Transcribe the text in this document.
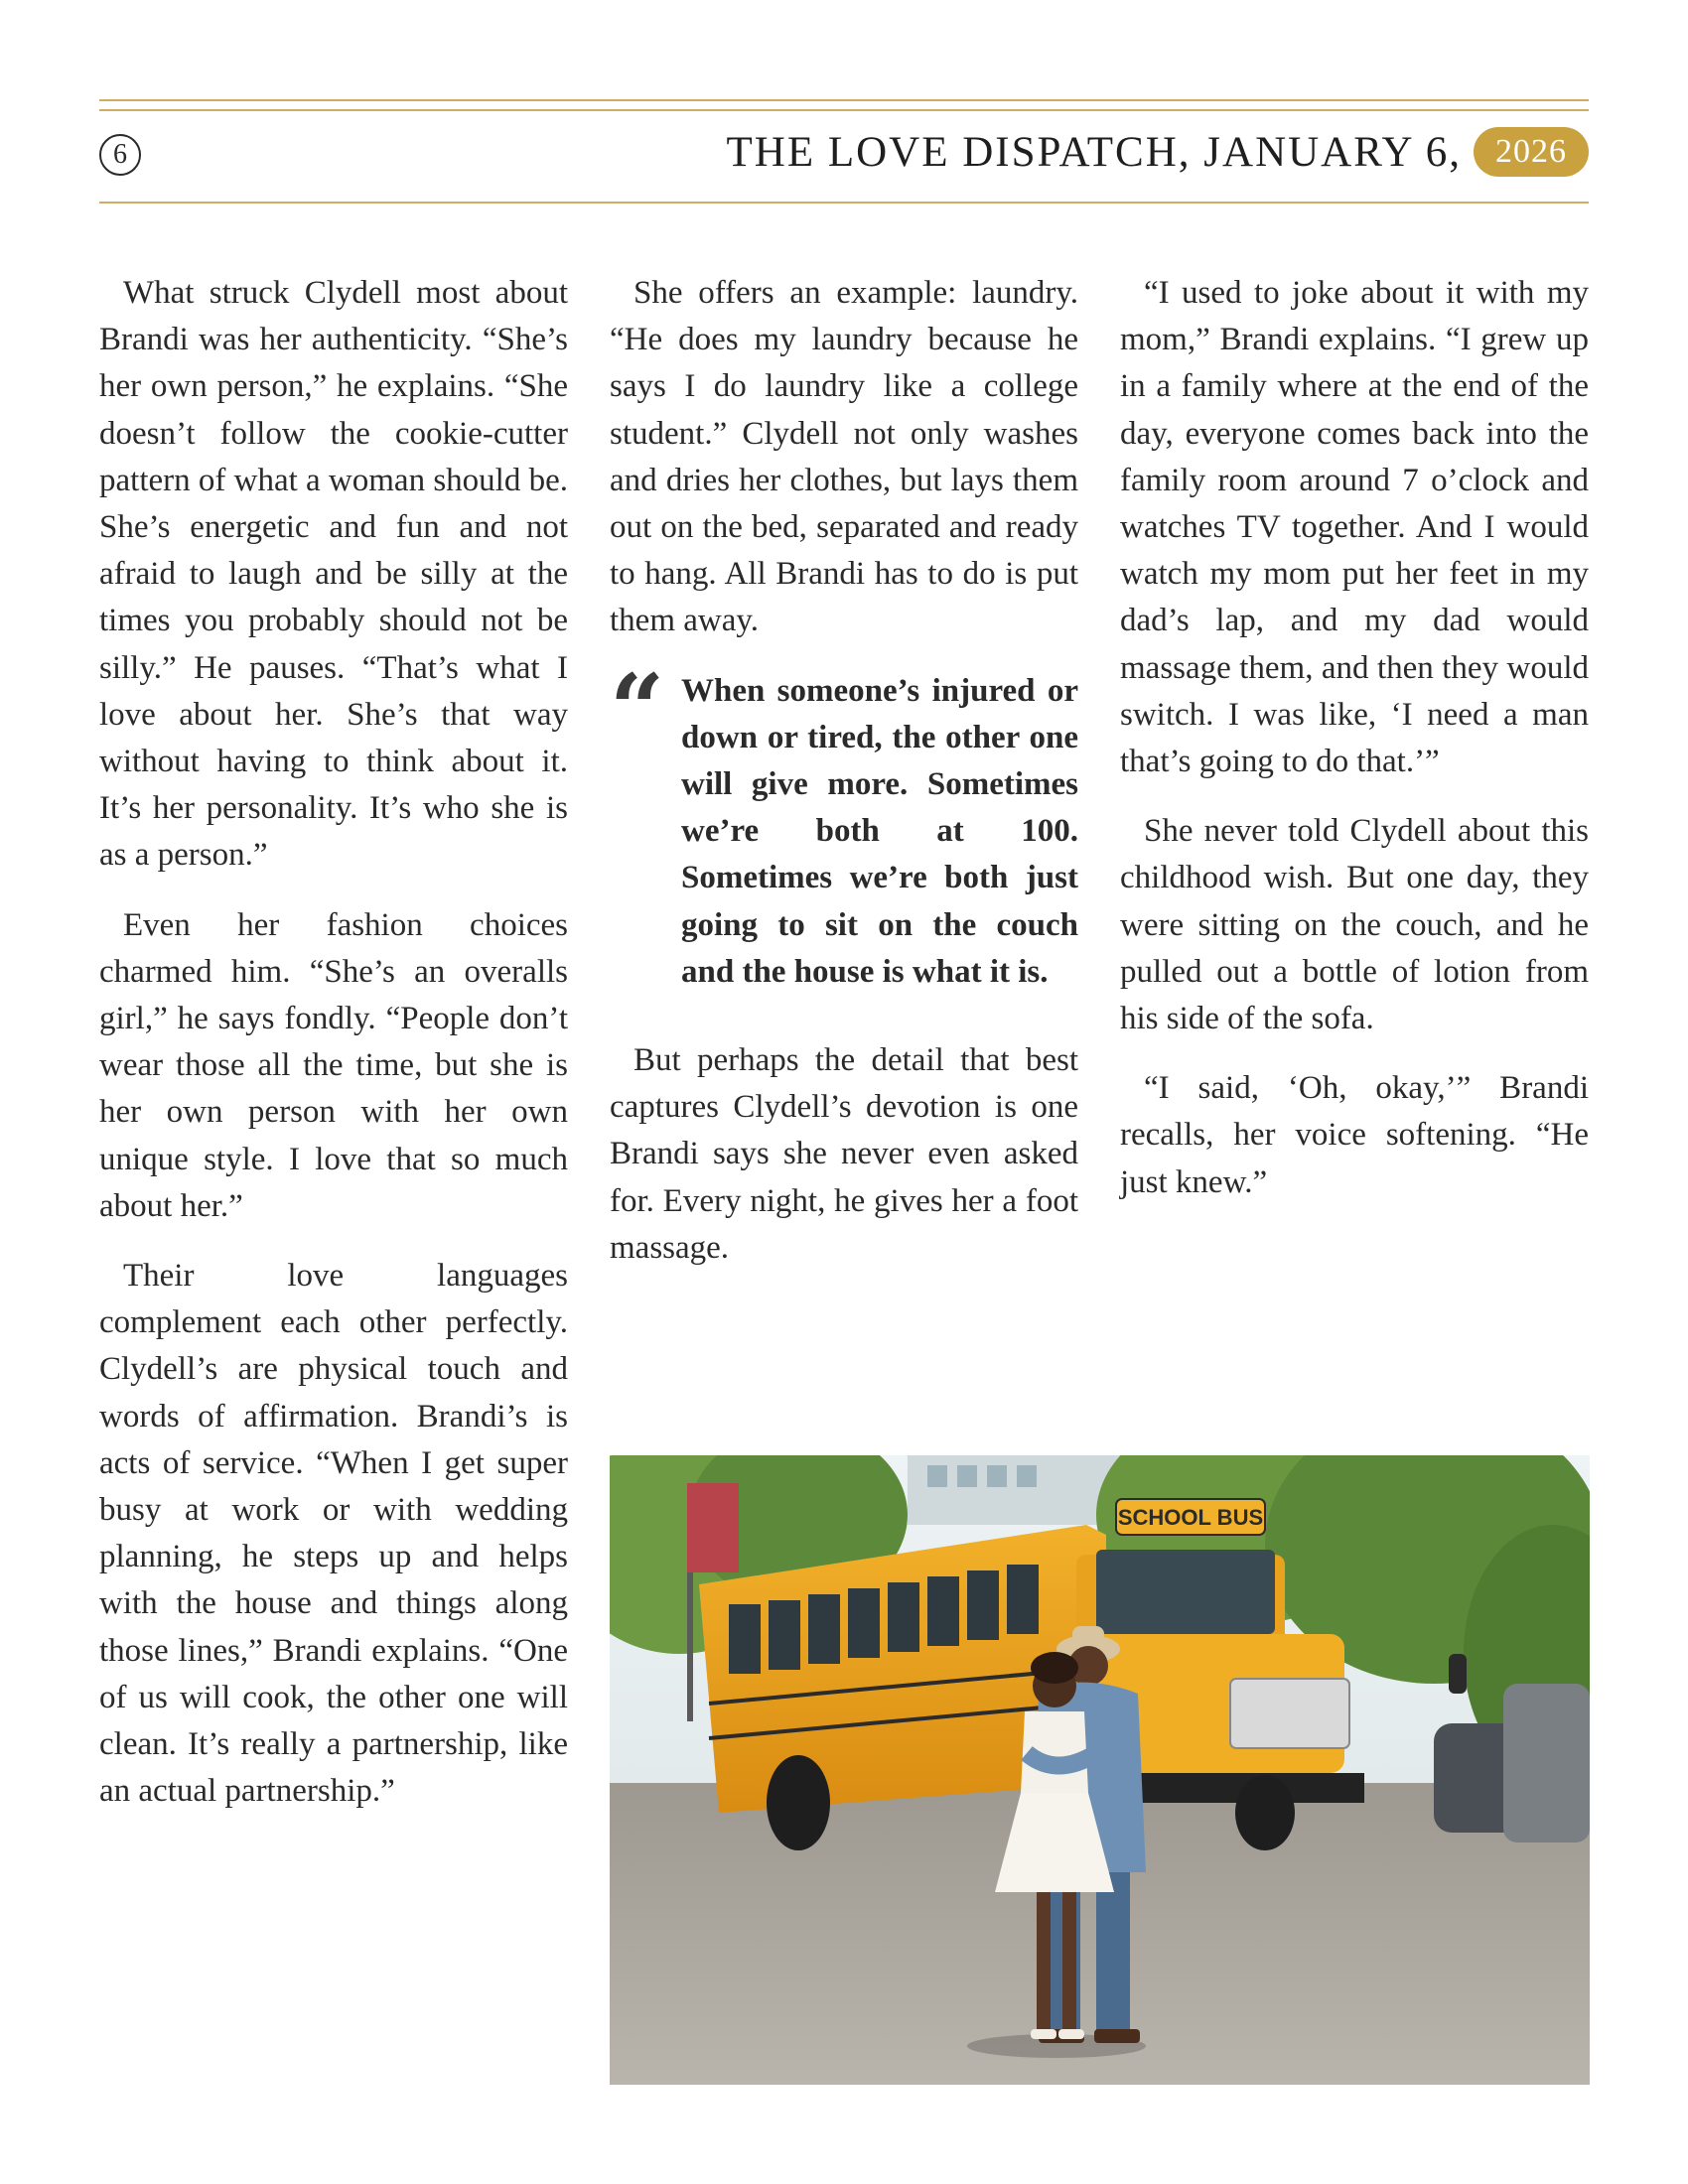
6	THE LOVE DISPATCH, JANUARY 6,	2026

What struck Clydell most about Brandi was her authenticity. “She’s her own person,” he explains. “She doesn’t follow the cookie-cutter pattern of what a woman should be. She’s energetic and fun and not afraid to laugh and be silly at the times you probably should not be silly.” He pauses. “That’s what I love about her. She’s that way without having to think about it. It’s her personality. It’s who she is as a person.”

Even her fashion choices charmed him. “She’s an overalls girl,” he says fondly. “People don’t wear those all the time, but she is her own person with her own unique style. I love that so much about her.”

Their love languages complement each other perfectly. Clydell’s are physical touch and words of affirmation. Brandi’s is acts of service. “When I get super busy at work or with wedding planning, he steps up and helps with the house and things along those lines,” Brandi explains. “One of us will cook, the other one will clean. It’s really a partnership, like an actual partnership.”

She offers an example: laundry. “He does my laundry because he says I do laundry like a college student.” Clydell not only washes and dries her clothes, but lays them out on the bed, separated and ready to hang. All Brandi has to do is put them away.

“ When someone’s injured or down or tired, the other one will give more. Sometimes we’re both at 100. Sometimes we’re both just going to sit on the couch and the house is what it is.

But perhaps the detail that best captures Clydell’s devotion is one Brandi says she never even asked for. Every night, he gives her a foot massage.

“I used to joke about it with my mom,” Brandi explains. “I grew up in a family where at the end of the day, everyone comes back into the family room around 7 o’clock and watches TV together. And I would watch my mom put her feet in my dad’s lap, and my dad would massage them, and then they would switch. I was like, ‘I need a man that’s going to do that.’”

She never told Clydell about this childhood wish. But one day, they were sitting on the couch, and he pulled out a bottle of lotion from his side of the sofa.

“I said, ‘Oh, okay,’” Brandi recalls, her voice softening. “He just knew.”

SCHOOL BUS
